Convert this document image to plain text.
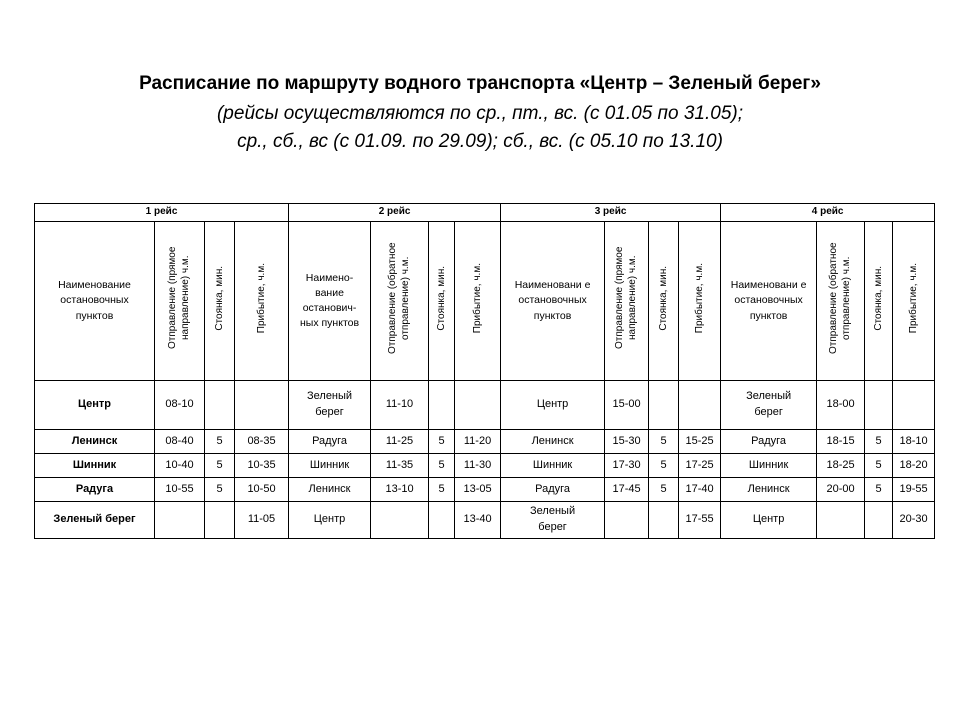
Расписание по маршруту водного транспорта «Центр – Зеленый берег»
(рейсы осуществляются по ср., пт., вс. (с 01.05 по 31.05);
ср., сб., вс (с 01.09. по 29.09); сб., вс. (с 05.10 по 13.10)
1 рейс				2 рейс				3 рейс				4 рейс			
Наименование остановочных пунктов	Отправление (прямое направление) ч.м.	Стоянка, мин.	Прибытие, ч.м.	Наимено-вание останович-ных пунктов	Отправление (обратное отправление) ч.м.	Стоянка, мин.	Прибытие, ч.м.	Наименовани е остановочных пунктов	Отправление (прямое направление) ч.м.	Стоянка, мин.	Прибытие, ч.м.	Наименовани е остановочных пунктов	Отправление (обратное отправление) ч.м.	Стоянка, мин.	Прибытие, ч.м.
Центр	08-10			Зеленый берег	11-10			Центр	15-00			Зеленый берег	18-00		
Ленинск	08-40	5	08-35	Радуга	11-25	5	11-20	Ленинск	15-30	5	15-25	Радуга	18-15	5	18-10
Шинник	10-40	5	10-35	Шинник	11-35	5	11-30	Шинник	17-30	5	17-25	Шинник	18-25	5	18-20
Радуга	10-55	5	10-50	Ленинск	13-10	5	13-05	Радуга	17-45	5	17-40	Ленинск	20-00	5	19-55
Зеленый берег			11-05	Центр			13-40	Зеленый берег			17-55	Центр			20-30
